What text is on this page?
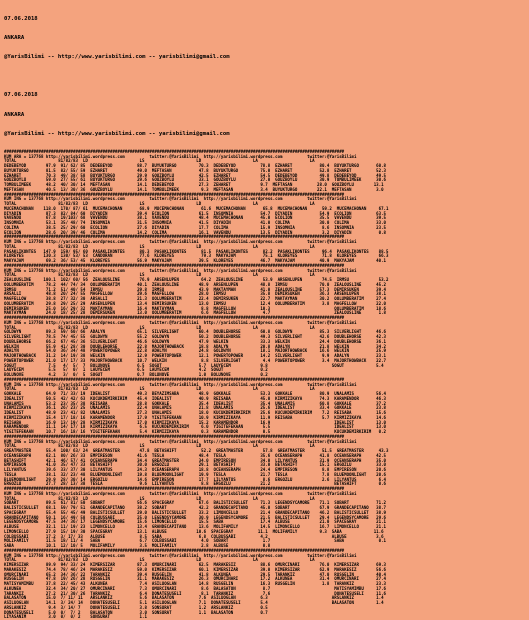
07.06.2018

ANKARA

@YarisBilimi -- http://www.yarisbilimi.com -- yarisbilimi@gmail.com

07.06.2018

ANKARA

@YarisBilimi -- http://www.yarisbilimi.com -- yarisbilimi@gmail.com

##########################################################################################################################################
KUM ARA = 137768 http://yarisbilimi.wordpress.com          twitter:@YarisBilimi  http://yarisbilimi.wordpress.com          twitter:@YarisBilimi
TOTAL                 81/82/83  LD                     LS                     LD                     LA                     LA
DEDEBEYOD        97.9  91/ 62/ 85  DEDEBEYOD          88.7  BUYUKTURGO         70.3  DEDEBEYOD          78.8  EZHARET           80.4  BUYUKTURGO       60.8
BUYUKTURGO       81.5  82/ 55/ 59  EZHARET            49.0  MEFTASAN           47.8  BUYUKTURGO         75.0  EZHARET           52.8  EZHARET          52.3
EZHARET          70.3  49/ 38/ 58  BUYUKTURGO         29.9  GOUZBOYLU          42.5  EZHARET            54.5  DEDEBEYOD         49.8  DEDEBEYOD        49.5
GOUZBOYLU        59.0  27/ 55/ 61  BUYUKTURGO         29.6  GOUZBOYLU          33.1  GOUZBOYLU          27.0  GOUZBOYLU         30.9  TOMBULIMEEK      30.6
TOMBULIMEEK      48.2  40/ 30/ 14  MEFTASAN           14.1  DEDEBEYOD          27.3  ZEHARET            9.7  MEFTASAN          28.0  GOUZBOYLU        13.1
MEFTASAN         40.5  13/ 30/ 36  GOUZBOYLU          14.1  TOMBULIMEEK         9.3  MEFTASAN           3.4  BUYUKTURGO        22.1  MEFTASAN          3.0
##########################################################################################################################################
KUM ING = 137768 http://yarisbilimi.wordpress.com          twitter:@YarisBilimi  http://yarisbilimi.wordpress.com          twitter:@YarisBilimi
TOTAL                 81/82/83  LD                     LS                     LD                     LA                     LA
MUCEMACHONAN    118.0  170/ 87/ 61  MUCEMACHONAN       68.9  MUCEMACHONAN       61.6  MUCEMACHONAN       65.8  MUCEMACHONAN      59.2  MUCEMACHONAN     67.1
DIYADIN          87.3  82/ 84/ 60  DIYADIN            39.4  ECOLION            61.5  INSOMNIA           54.7  DIYADIN           54.9  ECOLION          63.5
VAVENDU          67.8  19/103/ 68  VAVENDU            38.1  VAVENDU            48.4  MUCEMACHONAN       45.0  ECOLION           35.5  VAVENDU          39.5
INSOMNIA         53.1  35/ 48/ 74  INSOMNIA           31.5  INSOMNIA           41.5  DIYADIN            41.0  COLIMA            30.0  COLIMA           33.0
COLIMA           38.5  25/ 29/ 60  ECOLION            27.6  DIYADIN            17.7  COLIMA             15.9  INSOMNIA           8.6  INSOMNIA         23.5
ECOLION          28.6  20/ 39/ 46  COLIMA             14.2  COLIMA             16.1  VAVENDU            13.5  DIYADIN            3.2  DIYADIN           0.8
##########################################################################################################################################
KUM ING = 137768 http://yarisbilimi.wordpress.com          twitter:@YarisBilimi  http://yarisbilimi.wordpress.com          twitter:@YarisBilimi
TOTAL                 81/82/83  LD                     LS                     LD                     LA                     LA
PASAKLIKONTES   147.9  159/ 95/ 60  PASAKLIKONTES      80.3  PASAKLIKONTES      81.5  PASAKLIKONTES      82.2  PASAKLIKONTES     96.4  PASAKLIKONTES    88.5
KLOREYES        130.3  130/ 53/ 53  CANDORAN           77.6  KLOREYES           79.3  MAKYAJAM           75.1  KLOREYES          71.8  KLOREYES         66.3
MAKYAJAM         69.2  36/ 53/ 45  KLOREYES           56.9  MAKYAJAM           39.5  KLOREYES           46.7  MAKYAJAM          40.9  MAKYAJAM         40.1
##########################################################################################################################################
KUM ING = 137768 http://yarisbilimi.wordpress.com          twitter:@YarisBilimi  http://yarisbilimi.wordpress.com          twitter:@YarisBilimi
TOTAL                 81/82/83  LD                     LS                     LD                     LA                     LA
ZEALOUSLINE     100.1  102/ 60/ 56  ZEALOUSLINE        76.9  ARSENLUPEN         64.2  ZEALOUSLINE        53.9  ARSENLUPEN        74.5  IRMSU            53.2
OOLUMBERATIM     78.2  44/ 74/ 34  OOLUMBERATIM       40.1  ZEALOUSLINE        48.9  ARSENLUPEN         48.8  IRMSU             70.0  ZEALOUSLINE      45.2
IRMSU            71.2  51/ 40/ 54  IRMSU              29.8  IRMSU              43.9  MAKTAYMAN          41.0  ZEALOUSLINE       57.3  DEMIRSUKEN       39.4
ARSALLI          48.8  20/ 24/ 55  MAGFELLOW          29.6  MAGFELLOW          28.0  IRMSU              35.8  DEMIRSUKEN        36.3  ARSENLUPEN       38.1
MAGFELLOW        38.8  27/ 32/ 30  ARSALLI            21.3  OOLUMBERATIM       22.4  DEMIRSUKEN         22.7  MAKTAYMAN         30.2  OOLUMBERATIM     27.4
OOLUMBERATIM     29.8  29/ 25/ 29  ARSENLUPEN         13.4  DEMIRSUKEN         13.0  IRMSU              12.4  OOLUMBERATIM       3.8  MAGFELLOW        22.0
DEMIRSUKEN       25.0  16/ 29/ 32  MAKTAYMAN          16.4  MAKTAYMAN           8.8  MAGFELLOW          10.3                          OOLUMBERATIM     18.6
MAKTAYMAN        24.0  18/ 25/ 28  DEMIRSUKEN         13.0  OOLUMBERATIM        6.6  MAGFELLOW           4.7                          ZEALOUSLINE       1.8
##########################################################################################################################################
KUM ING = 137768 http://yarisbilimi.wordpress.com          twitter:@YarisBilimi  http://yarisbilimi.wordpress.com          twitter:@YarisBilimi
TOTAL                 81/82/83  LD                     LS                     LD                     LA                     LA
GOLDWYN          89.3  59/ 60/ 66  ADALYN             65.1  SILVERLIGHT        60.4  DOUBLEHORSE        60.8  GOLDWYN           85.3  SILVERLIGHT      46.6
SILVERLIGHT      78.5  74/ 45/ 55  GOLDWYN            55.2  GOLDWYN            50.2  DOUBLEHORSE        49.3  SILVERLIGHT       42.6  DOUBLEHORSE      42.3
DOUBLEHORSE      66.2  67/ 45/ 36  SILVERLIGHT        46.6  GOLDWYN            47.9  WELKIN             33.3  WELKIN            24.4  DOUBLEHORSE      36.1
WELKIN           55.9  41/ 28/ 30  DOUBLEHORSE        22.8  MAJORTHOWBACK      18.8  ADALYN             20.8  ADALYN            21.8  WELKIN           34.2
ADALYN           54.0  36/ 34/ 48  POWERTOPOWER       22.8  ADALYN             24.8  GOLDWYN            18.1  MAJORTHOWBACK     16.6  WELKIN           25.9
MAJORTHOWBACK    31.2  14/ 19/ 38  WELKIN             12.9  POWERTOPOWER       12.1  POWERTOPOWER       14.2  SILVERLIGHT        9.9  ADALYN           23.1
POWERTOPOWER     21.0  17/ 17/ 33  MAJORTHOWBACK      10.7  WELKIN              8.8  SILVERLIGHT         4.4  POWERTOPOWER       3.4  MAJORTHOWBACK    22.7
SOGUT             7.5   4/  5/  7  BOLUNOVE           6.5  SOGUT               5.7  LAUYECEM            9.8                          SOGUT             5.4
LAUYECEM          5.5   5/  0/  1  LAUYECEM           6.5  LAUYECEM            4.2  SOGUT               0.2
BOLUNOVE          4.2   3/  0/  5  SOGUT              0.7  BOLUNOVE            1.0  BOLUNOVE            0.2
##########################################################################################################################################
KUM ING = 137768 http://yarisbilimi.wordpress.com          twitter:@YarisBilimi  http://yarisbilimi.wordpress.com          twitter:@YarisBilimi
TOTAL                 81/82/83  LD                     LS                     LD                     LA                     LA
GOKKALE          64.9  71/ 33/ 19  IDEALIST           49.3  BEYAZIMSABA        48.9  GOKKALE            53.3  GOKKALE           80.9  UNALAMIS         56.4
IDEALIST         50.5  42/ 42/ 63  KUCUKDEMIRKIRIM    45.4  IDEALIST           40.9  REISABA            45.0  KIRMIZIKAYA       74.3  KARAMENDOR       46.3
UNALAMIS         53.2  23/ 35/ 38  REISABA            28.8  GOKKALE            35.4  IDEALIST           35.4  UNALAMIS          60.8  GOKKALE          37.2
KIRMIZIKAYA      36.1  26/ 23/ 25  UNALAMIS           22.4  UNALAMIS           21.8  UNALAMIS           25.6  IDEALIST          33.4  GOKKALE          23.8
IDEALIST         48.9  23/ 41/ 82  UNALAMIS           27.3  UNALAMIS           18.0  KUCUKDEMIRKIRIM    25.6  KUCUKDEMIRKIRIM    7.2  REISABA          15.6
KIRMIZIKAYA      15.4  17/ 18/ 16  KARAMENDOR         17.9  YIGITEFEKAAN       10.9  KIRMIZIKAYA        11.9  REISABA            5.7  KIRMIZIKAYA      14.6
REISABA          16.9  13/ 19/ 28  KIRMIZIKAYA        17.0  KIRMIZIKAYA        15.2  KARAMENDOR         16.9                          IDEALIST         13.0
KARAMENDOR       11.1  14/ 17/ 18  KIRMIZIKAYA         6.5  KUCUKDEMIRKIRIM     6.0  YIGITEFEKAAN        5.5                          IDEALIST         13.0
YIGITEFEKAAN     10.7  16/ 18/ 16  YIGITEFEKAAN        5.4  KIRMIZIKAYA         0.3  KARAMENDOR          0.5                          KUCUKDEMIRKIRIM   0.2
##########################################################################################################################################
KUM ING = 137768 http://yarisbilimi.wordpress.com          twitter:@YarisBilimi  http://yarisbilimi.wordpress.com          twitter:@YarisBilimi
TOTAL                 81/82/83  LD                     LS                     LD                     LA                     LA
GREATMASTER      55.4  100/ 63/ 24  GREATMASTER        47.8  BETASHIFT          52.2  GREATMASTER        57.8  GREATMASTER       51.5  GREATMASTER      43.3
OCEANSERAPH      62.1  80/ 26/ 33  EMPIRESON          41.6  TESLA              48.4  TESLA              35.6  OCEANSERAPH       41.8  OCEANSERAPH      42.5
BETASHIFT        42.1  46/ 57/ 41  OCEANSERAPH        34.4  GREATMASTER        34.0  EMPIRESON          34.0  LILYANTUS         31.9  OCEANSERAPH      35.0
EMPIRESON        41.0  35/ 47/ 33  BETASHIFT          30.0  ERGOZLU            29.1  BETASHIFT          33.0  BETASHIFT         15.1  ERGOZLU          33.0
LILYANTUS        39.6  33/ 37/ 30  LILYANTUS          24.3  OCEANSERAPH        18.8  OCEANSERAPH        24.4  EMPIRESON          8.8  EMPIRESON        20.6
TESLA            38.1  32/ 23/ 48  BLUEMOONLIGHT      19.8  BLUEMOONLIGHT      19.9  TESLA              21.7  TESLA              7.8  BLUEMOONLIGHT    20.6
BLUEMOONLIGHT    29.9  28/ 30/ 14  ERGOZLU            14.6  EMPIRESON          17.7  LILYANTUS           8.6  ERGOZLU            2.6  LILYANTUS         6.4
ERGOZLU          27.7  28/ 13/ 38  TESLA               9.6  LILYANTUS           8.8  ERGOZLU            21.2                          BETASHIFT         0.6
##########################################################################################################################################
KUM ING = 137768 http://yarisbilimi.wordpress.com          twitter:@YarisBilimi  http://yarisbilimi.wordpress.com          twitter:@YarisBilimi
TOTAL                 81/82/83  LD                     LS                     LD                     LA                     LA
SOBART           89.5  61/ 81/ 50  SOBART             56.6  SPACEGRAY          67.6  BALISTICSULLET     71.3  LEGENDSYCAMORE    71.1  SOBART           71.2
BALISTICSULLET   68.1  59/ 79/ 51  GRANDECAPITANO     38.2  SOBART             42.2  GRANDECAPITANO     45.0  SOBART            67.9  GRANDECAPITANO   38.7
SPACEGRAY        55.4  55/ 45/ 49  BALISTICSULLET     29.0  BALISTICSULLET     33.2  LIMONCELLO         21.4  GRANDECAPITANO    46.2  BALISTICSULLET   38.9
GRANDECAPITANO   50.1  16/ 49/ 58  COLBUSSABI         25.0  LEGENDSYCAMORE     30.9  LEGENDSYCAMORE     21.5  BALISTICSULLET    29.4  LEGENDSYCAMORE   29.6
LEGENDSYCAMORE   47.5  34/ 36/ 17  LEGENDSYCAMORE     15.6  LIMONCELLO         15.5  SABA               17.4  ALBUSE            21.0  SPACEGRAY        21.1
ALBUSE           32.1  11/ 19/ 23  LIMONCELLO         13.4  GRANDECAPITANO     13.6  MOLIFAMILY         14.5  LIMONCELLO        16.7  LIMONCELLO       21.1
LIMONCELLO       27.9  15/ 19/ 30  SPACEGRAY          13.1  ALBUSE            10.6  SPACEGRAY          11.1  MOLIFAMILY         9.3  SABA             11.6
COLBUSSABI       17.2  3/ 17/ 33   ALBUSE              8.5  SABA               6.8  COLBUSSABI          4.2                          ALBUSE            3.6
MOLIFAMILY       11.5  18/ 11/ 4   SABA                6.7  COLBUSSABI          4.0  SOBART              1.7                          SABA              0.1
SABA             10.1  12/ 10/ 5   MOLIFAMILY          3.5  MOLIFAMILY          2.8  ALBUSE              0.8
##########################################################################################################################################
KUM ING = 137768 http://yarisbilimi.wordpress.com          twitter:@YarisBilimi  http://yarisbilimi.wordpress.com          twitter:@YarisBilimi
TOTAL                 81/82/83  LD                     LS                     LD                     LA                     LA
KIMERSIZAR       89.9  94/ 33/ 24  KIMERSIZAR         87.3  OMURCINARI         62.5  MARAKESIZ          88.6  OMURCINARI        76.0  KIMERSIZAR       69.3
MARAKESIZ        74.4  78/ 46/ 24  MARAKESIZ          59.0  KIMERSIZAR         60.1  KIMERSIZAR         39.0  KIMERSIZAR        62.9  MARAKESIZ        56.6
OMURCINARI       65.2  34/ 36/ 22  TARANKIZ           39.4  RUSGELIN           41.8  ALKUNEA            29.5  TARANKIZ          47.0  RUSGELIN         40.4
RUSGELIN         47.8  19/ 26/ 28  RUSGELIN           31.1  MARAKESIZ          26.3  OMURCINARI         17.2  ALKUNEA           31.4  OMURCINARI       27.4
MATISYAMIMBU     37.8  22/ 45/ 43  ALKUNEA             7.4  ASILUOGLAN         14.8  RUSGELIN           16.3  RUSGELIN           1.8  TARANKIZ         23.3
ALKUNEA          32.4  34/ 20/ 27  OMURCINARI          7.3  OMURCINARI          8.6  BALASATON           8.7                          MATISYAMIMBU     17.6
TARANKIZ         27.2  21/ 30/ 26  TARANKIZ            6.4  DONATESUSELI        8.1  TARANKIZ            7.6                          DONATESUSELI     11.6
BALASATON        15.0  7/ 11/ 11   ARSLANKIZ           5.6  BALASATON          7.6  ASILUOGLAN          6.3                          ARSLANKIZ         1.4
ASILUOGLAN       14.1  3/ 24/ 14   DONATESUSELI        5.1  ASILUOGLAN         7.1  DONATESUSELI        5.4                          BALASATON         1.4
ARSLANKIZ         9.4  3/ 14/ 7    DONATESUSELI        3.8  SONSURAT           1.2  ARSLANKIZ           0.5
DONATESUSELI      5.0  0/  7/ 2    BALASATON           3.0  SONSURAT           1.1  BALASATON           0.7
LIYASANIM         3.0  0/  0/ 2    SONSURAT            1.1
